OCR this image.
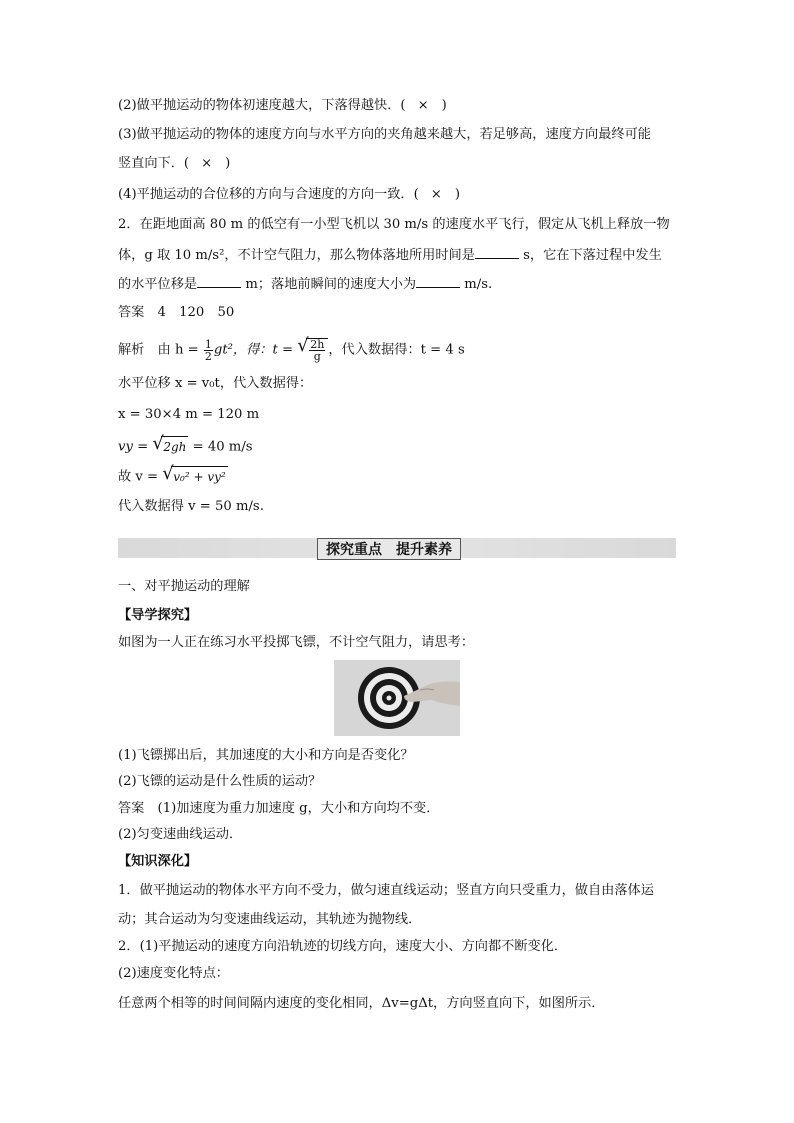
(2)做平抛运动的物体初速度越大，下落得越快．( × )
(3)做平抛运动的物体的速度方向与水平方向的夹角越来越大，若足够高，速度方向最终可能
竖直向下．( × )
(4)平抛运动的合位移的方向与合速度的方向一致．( × )
2．在距地面高 80 m 的低空有一小型飞机以 30 m/s 的速度水平飞行，假定从飞机上释放一物
体，g 取 10 m/s²，不计空气阻力，那么物体落地所用时间是	s，它在下落过程中发生
的水平位移是	m；落地前瞬间的速度大小为	m/s.
答案　4　120　50
解析　由 $h = \frac{1}{2} gt^2$，得：t = √ $\frac{2h}{g}$ ，代入数据得：t = 4 s
水平位移 x = v₀t，代入数据得：
x = 30×4 m = 120 m
vy = √ 2gh = 40 m/s
故 v = √ v₀² + vy²
代入数据得 v = 50 m/s.
探究重点 提升素养
一、对平抛运动的理解
【导学探究】
如图为一人正在练习水平投掷飞镖，不计空气阻力，请思考：
(1)飞镖掷出后，其加速度的大小和方向是否变化？
(2)飞镖的运动是什么性质的运动？
答案　(1)加速度为重力加速度 g，大小和方向均不变．
(2)匀变速曲线运动．
【知识深化】
1．做平抛运动的物体水平方向不受力，做匀速直线运动；竖直方向只受重力，做自由落体运
动；其合运动为匀变速曲线运动，其轨迹为抛物线．
2．(1)平抛运动的速度方向沿轨迹的切线方向，速度大小、方向都不断变化．
(2)速度变化特点：
任意两个相等的时间间隔内速度的变化相同，Δv=gΔt，方向竖直向下，如图所示．
